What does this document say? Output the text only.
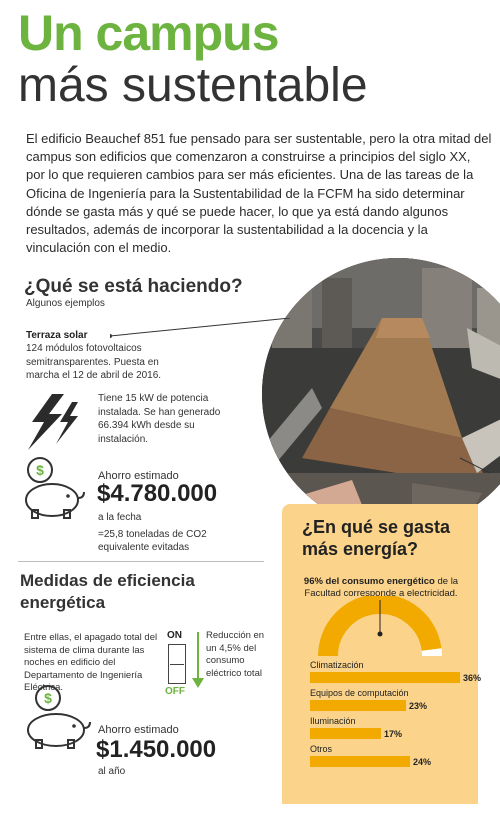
Un campus
más sustentable
El edificio Beauchef 851 fue pensado para ser sustentable, pero la otra mitad del campus son edificios que comenzaron a construirse a principios del siglo XX, por lo que requieren cambios para ser más eficientes. Una de las tareas de la Oficina de Ingeniería para la Sustentabilidad de la FCFM ha sido determinar dónde se gasta más y qué se puede hacer, lo que ya está dando algunos resultados, además de incorporar la sustentabilidad a la docencia y la vinculación con el medio.
¿Qué se está haciendo?
Algunos ejemplos
Terraza solar
124 módulos fotovoltaicos semitransparentes. Puesta en marcha el 12 de abril de 2016.
Tiene 15 kW de potencia instalada. Se han generado 66.394 kWh desde su instalación.
$	Ahorro estimado
$4.780.000
a la fecha
=25,8 toneladas de CO2 equivalente evitadas
Medidas de eficiencia energética
Entre ellas, el apagado total del sistema de clima durante las noches en edificio del Departamento de Ingeniería Eléctrica.
ON
OFF
Reducción en un 4,5% del consumo eléctrico total
$
Ahorro estimado
$1.450.000
al año
¿En qué se gasta más energía?
96% del consumo energético de la Facultad corresponde a electricidad.
Climatización
36%
Equipos de computación
23%
Iluminación
17%
Otros
24%
